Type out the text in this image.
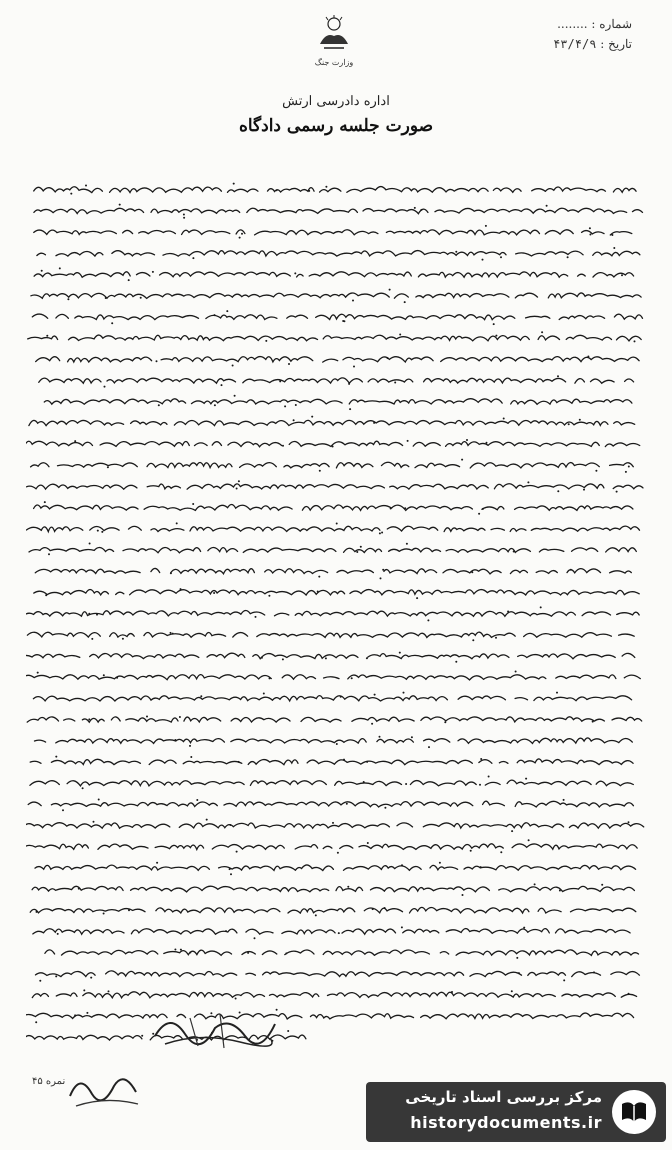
وزارت جنگ
شماره : ........
تاریخ : ۴۳/۴/۹
اداره دادرسی ارتش
صورت جلسه رسمی دادگاه
نمره ۴۵
مرکز بررسی اسناد تاریخی
historydocuments.ir
